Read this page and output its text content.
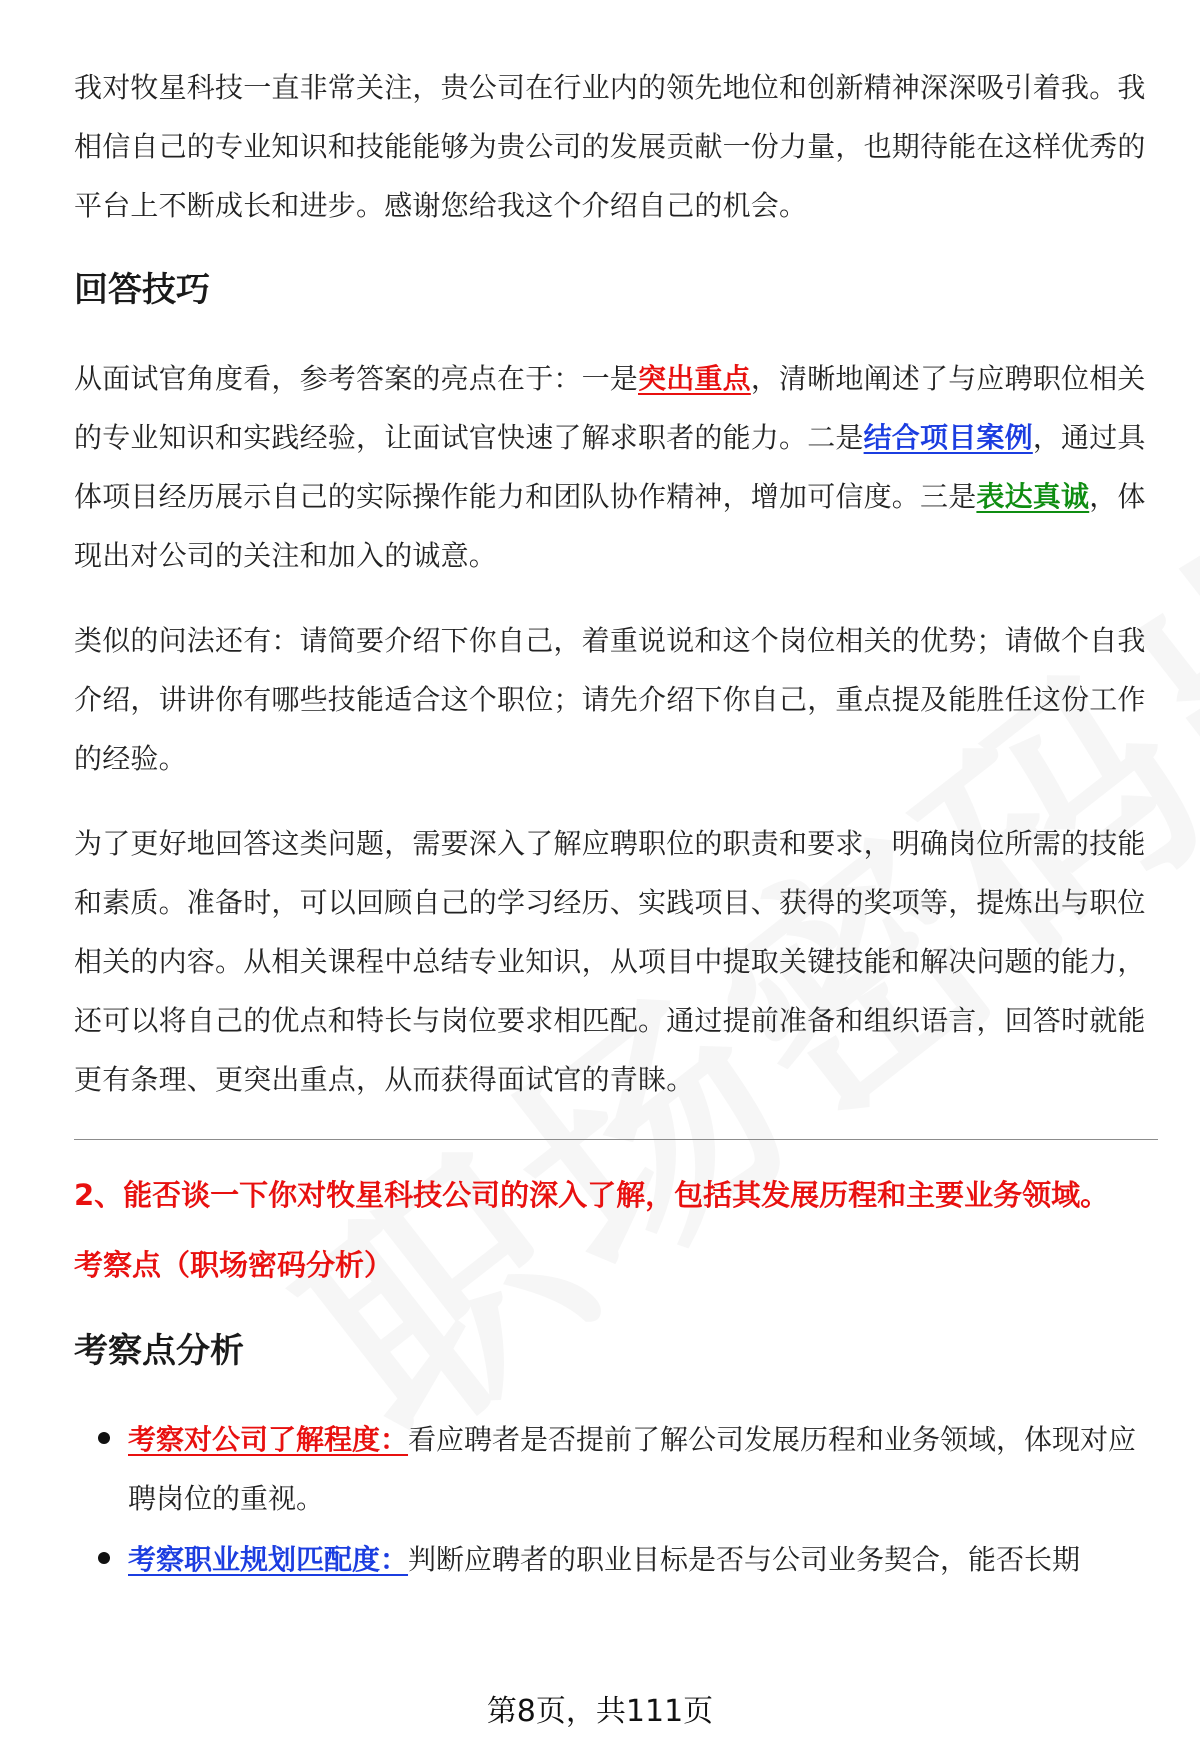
我对牧星科技一直非常关注，贵公司在行业内的领先地位和创新精神深深吸引着我。我相信自己的专业知识和技能能够为贵公司的发展贡献一份力量，也期待能在这样优秀的平台上不断成长和进步。感谢您给我这个介绍自己的机会。

回答技巧

从面试官角度看，参考答案的亮点在于：一是突出重点，清晰地阐述了与应聘职位相关的专业知识和实践经验，让面试官快速了解求职者的能力。二是结合项目案例，通过具体项目经历展示自己的实际操作能力和团队协作精神，增加可信度。三是表达真诚，体现出对公司的关注和加入的诚意。

类似的问法还有：请简要介绍下你自己，着重说说和这个岗位相关的优势；请做个自我介绍，讲讲你有哪些技能适合这个职位；请先介绍下你自己，重点提及能胜任这份工作的经验。

为了更好地回答这类问题，需要深入了解应聘职位的职责和要求，明确岗位所需的技能和素质。准备时，可以回顾自己的学习经历、实践项目、获得的奖项等，提炼出与职位相关的内容。从相关课程中总结专业知识，从项目中提取关键技能和解决问题的能力，还可以将自己的优点和特长与岗位要求相匹配。通过提前准备和组织语言，回答时就能更有条理、更突出重点，从而获得面试官的青睐。

2、能否谈一下你对牧星科技公司的深入了解，包括其发展历程和主要业务领域。
考察点（职场密码分析）
考察点分析
考察对公司了解程度：看应聘者是否提前了解公司发展历程和业务领域，体现对应聘岗位的重视。
考察职业规划匹配度：判断应聘者的职业目标是否与公司业务契合，能否长期
第8页，共111页
